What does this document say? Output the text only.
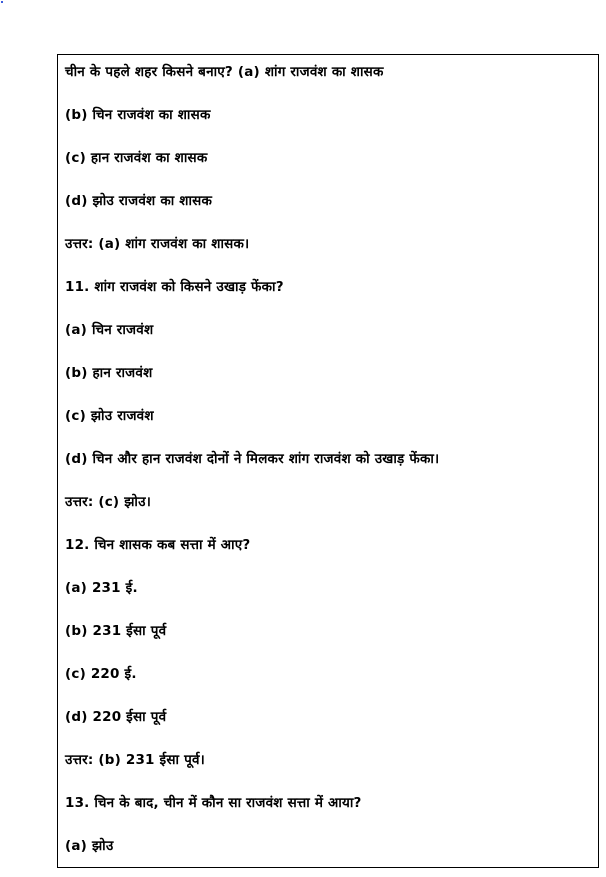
चीन के पहले शहर किसने बनाए? (a) शांग राजवंश का शासक
(b) चिन राजवंश का शासक
(c) हान राजवंश का शासक
(d) झोउ राजवंश का शासक
उत्तर: (a) शांग राजवंश का शासक।
11. शांग राजवंश को किसने उखाड़ फेंका?
(a) चिन राजवंश
(b) हान राजवंश
(c) झोउ राजवंश
(d) चिन और हान राजवंश दोनों ने मिलकर शांग राजवंश को उखाड़ फेंका।
उत्तर: (c) झोउ।
12. चिन शासक कब सत्ता में आए?
(a) 231 ई.
(b) 231 ईसा पूर्व
(c) 220 ई.
(d) 220 ईसा पूर्व
उत्तर: (b) 231 ईसा पूर्व।
13. चिन के बाद, चीन में कौन सा राजवंश सत्ता में आया?
(a) झोउ
